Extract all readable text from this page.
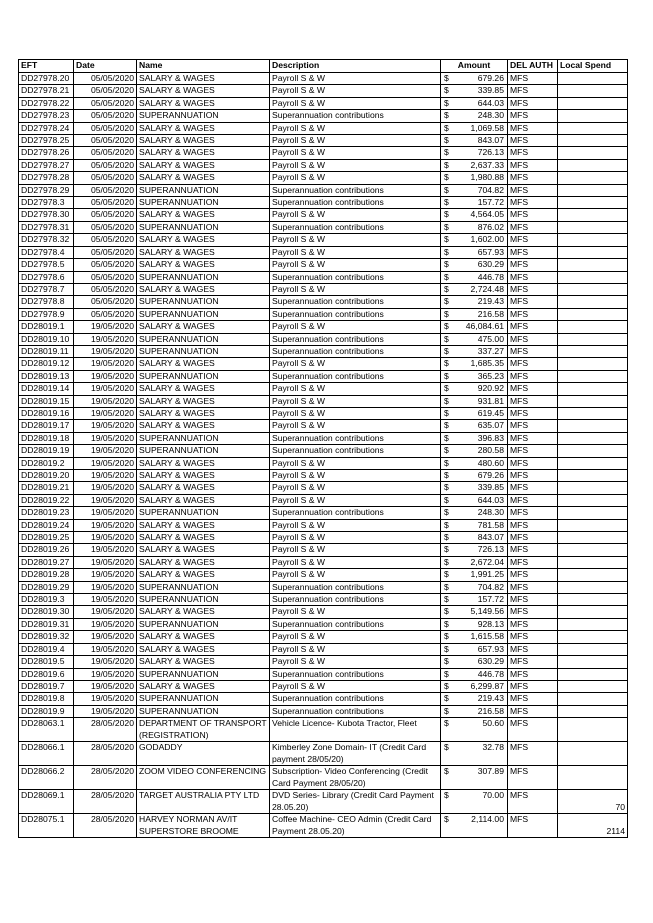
EFT	Date	Name	Description	Amount	DEL AUTH	Local Spend
DD27978.20	05/05/2020	SALARY & WAGES	Payroll S & W	$ 679.26	MFS	
DD27978.21	05/05/2020	SALARY & WAGES	Payroll S & W	$ 339.85	MFS	
DD27978.22	05/05/2020	SALARY & WAGES	Payroll S & W	$ 644.03	MFS	
DD27978.23	05/05/2020	SUPERANNUATION	Superannuation contributions	$ 248.30	MFS	
DD27978.24	05/05/2020	SALARY & WAGES	Payroll S & W	$ 1,069.58	MFS	
DD27978.25	05/05/2020	SALARY & WAGES	Payroll S & W	$ 843.07	MFS	
DD27978.26	05/05/2020	SALARY & WAGES	Payroll S & W	$ 726.13	MFS	
DD27978.27	05/05/2020	SALARY & WAGES	Payroll S & W	$ 2,637.33	MFS	
DD27978.28	05/05/2020	SALARY & WAGES	Payroll S & W	$ 1,980.88	MFS	
DD27978.29	05/05/2020	SUPERANNUATION	Superannuation contributions	$ 704.82	MFS	
DD27978.3	05/05/2020	SUPERANNUATION	Superannuation contributions	$ 157.72	MFS	
DD27978.30	05/05/2020	SALARY & WAGES	Payroll S & W	$ 4,564.05	MFS	
DD27978.31	05/05/2020	SUPERANNUATION	Superannuation contributions	$ 876.02	MFS	
DD27978.32	05/05/2020	SALARY & WAGES	Payroll S & W	$ 1,602.00	MFS	
DD27978.4	05/05/2020	SALARY & WAGES	Payroll S & W	$ 657.93	MFS	
DD27978.5	05/05/2020	SALARY & WAGES	Payroll S & W	$ 630.29	MFS	
DD27978.6	05/05/2020	SUPERANNUATION	Superannuation contributions	$ 446.78	MFS	
DD27978.7	05/05/2020	SALARY & WAGES	Payroll S & W	$ 2,724.48	MFS	
DD27978.8	05/05/2020	SUPERANNUATION	Superannuation contributions	$ 219.43	MFS	
DD27978.9	05/05/2020	SUPERANNUATION	Superannuation contributions	$ 216.58	MFS	
DD28019.1	19/05/2020	SALARY & WAGES	Payroll S & W	$ 46,084.61	MFS	
DD28019.10	19/05/2020	SUPERANNUATION	Superannuation contributions	$ 475.00	MFS	
DD28019.11	19/05/2020	SUPERANNUATION	Superannuation contributions	$ 337.27	MFS	
DD28019.12	19/05/2020	SALARY & WAGES	Payroll S & W	$ 1,685.35	MFS	
DD28019.13	19/05/2020	SUPERANNUATION	Superannuation contributions	$ 365.23	MFS	
DD28019.14	19/05/2020	SALARY & WAGES	Payroll S & W	$ 920.92	MFS	
DD28019.15	19/05/2020	SALARY & WAGES	Payroll S & W	$ 931.81	MFS	
DD28019.16	19/05/2020	SALARY & WAGES	Payroll S & W	$ 619.45	MFS	
DD28019.17	19/05/2020	SALARY & WAGES	Payroll S & W	$ 635.07	MFS	
DD28019.18	19/05/2020	SUPERANNUATION	Superannuation contributions	$ 396.83	MFS	
DD28019.19	19/05/2020	SUPERANNUATION	Superannuation contributions	$ 280.58	MFS	
DD28019.2	19/05/2020	SALARY & WAGES	Payroll S & W	$ 480.60	MFS	
DD28019.20	19/05/2020	SALARY & WAGES	Payroll S & W	$ 679.26	MFS	
DD28019.21	19/05/2020	SALARY & WAGES	Payroll S & W	$ 339.85	MFS	
DD28019.22	19/05/2020	SALARY & WAGES	Payroll S & W	$ 644.03	MFS	
DD28019.23	19/05/2020	SUPERANNUATION	Superannuation contributions	$ 248.30	MFS	
DD28019.24	19/05/2020	SALARY & WAGES	Payroll S & W	$ 781.58	MFS	
DD28019.25	19/05/2020	SALARY & WAGES	Payroll S & W	$ 843.07	MFS	
DD28019.26	19/05/2020	SALARY & WAGES	Payroll S & W	$ 726.13	MFS	
DD28019.27	19/05/2020	SALARY & WAGES	Payroll S & W	$ 2,672.04	MFS	
DD28019.28	19/05/2020	SALARY & WAGES	Payroll S & W	$ 1,991.25	MFS	
DD28019.29	19/05/2020	SUPERANNUATION	Superannuation contributions	$ 704.82	MFS	
DD28019.3	19/05/2020	SUPERANNUATION	Superannuation contributions	$ 157.72	MFS	
DD28019.30	19/05/2020	SALARY & WAGES	Payroll S & W	$ 5,149.56	MFS	
DD28019.31	19/05/2020	SUPERANNUATION	Superannuation contributions	$ 928.13	MFS	
DD28019.32	19/05/2020	SALARY & WAGES	Payroll S & W	$ 1,615.58	MFS	
DD28019.4	19/05/2020	SALARY & WAGES	Payroll S & W	$ 657.93	MFS	
DD28019.5	19/05/2020	SALARY & WAGES	Payroll S & W	$ 630.29	MFS	
DD28019.6	19/05/2020	SUPERANNUATION	Superannuation contributions	$ 446.78	MFS	
DD28019.7	19/05/2020	SALARY & WAGES	Payroll S & W	$ 6,299.87	MFS	
DD28019.8	19/05/2020	SUPERANNUATION	Superannuation contributions	$ 219.43	MFS	
DD28019.9	19/05/2020	SUPERANNUATION	Superannuation contributions	$ 216.58	MFS	
DD28063.1	28/05/2020	DEPARTMENT OF TRANSPORT (REGISTRATION)	Vehicle Licence- Kubota Tractor, Fleet	$ 50.60	MFS	
DD28066.1	28/05/2020	GODADDY	Kimberley Zone Domain- IT (Credit Card payment 28/05/20)	$ 32.78	MFS	
DD28066.2	28/05/2020	ZOOM VIDEO CONFERENCING	Subscription- Video Conferencing (Credit Card Payment 28/05/20)	$ 307.89	MFS	
DD28069.1	28/05/2020	TARGET AUSTRALIA PTY LTD	DVD Series- Library (Credit Card Payment 28.05.20)	$ 70.00	MFS	70
DD28075.1	28/05/2020	HARVEY NORMAN AV/IT SUPERSTORE BROOME	Coffee Machine- CEO Admin (Credit Card Payment 28.05.20)	$ 2,114.00	MFS	2114
